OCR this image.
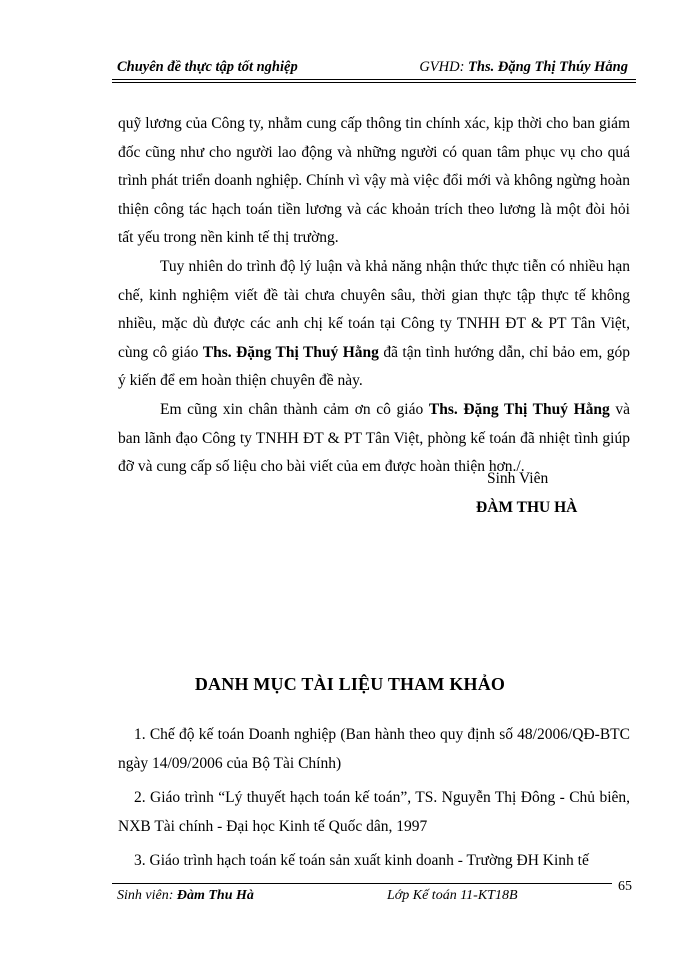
Chuyên đề thực tập tốt nghiệp	GVHD: Ths. Đặng Thị Thúy Hằng

quỹ lương của Công ty, nhằm cung cấp thông tin chính xác, kịp thời cho ban giám đốc cũng như cho người lao động và những người có quan tâm phục vụ cho quá trình phát triển doanh nghiệp. Chính vì vậy mà việc đổi mới và không ngừng hoàn thiện công tác hạch toán tiền lương và các khoản trích theo lương là một đòi hỏi tất yếu trong nền kinh tế thị trường.

Tuy nhiên do trình độ lý luận và khả năng nhận thức thực tiễn có nhiều hạn chế, kinh nghiệm viết đề tài chưa chuyên sâu, thời gian thực tập thực tế không nhiều, mặc dù được các anh chị kế toán tại Công ty TNHH ĐT & PT Tân Việt, cùng cô giáo Ths. Đặng Thị Thuý Hằng đã tận tình hướng dẫn, chỉ bảo em, góp ý kiến để em hoàn thiện chuyên đề này.

Em cũng xin chân thành cảm ơn cô giáo Ths. Đặng Thị Thuý Hằng và ban lãnh đạo Công ty TNHH ĐT & PT Tân Việt, phòng kế toán đã nhiệt tình giúp đỡ và cung cấp số liệu cho bài viết của em được hoàn thiện hơn./.

Sinh Viên
ĐÀM THU HÀ
DANH MỤC TÀI LIỆU THAM KHẢO

1. Chế độ kế toán Doanh nghiệp (Ban hành theo quy định số 48/2006/QĐ-BTC ngày 14/09/2006 của Bộ Tài Chính)

2. Giáo trình “Lý thuyết hạch toán kế toán”, TS. Nguyễn Thị Đông - Chủ biên, NXB Tài chính - Đại học Kinh tế Quốc dân, 1997

3. Giáo trình hạch toán kế toán sản xuất kinh doanh - Trường ĐH Kinh tế

Sinh viên: Đàm Thu Hà	Lớp Kế toán 11-KT18B
65
